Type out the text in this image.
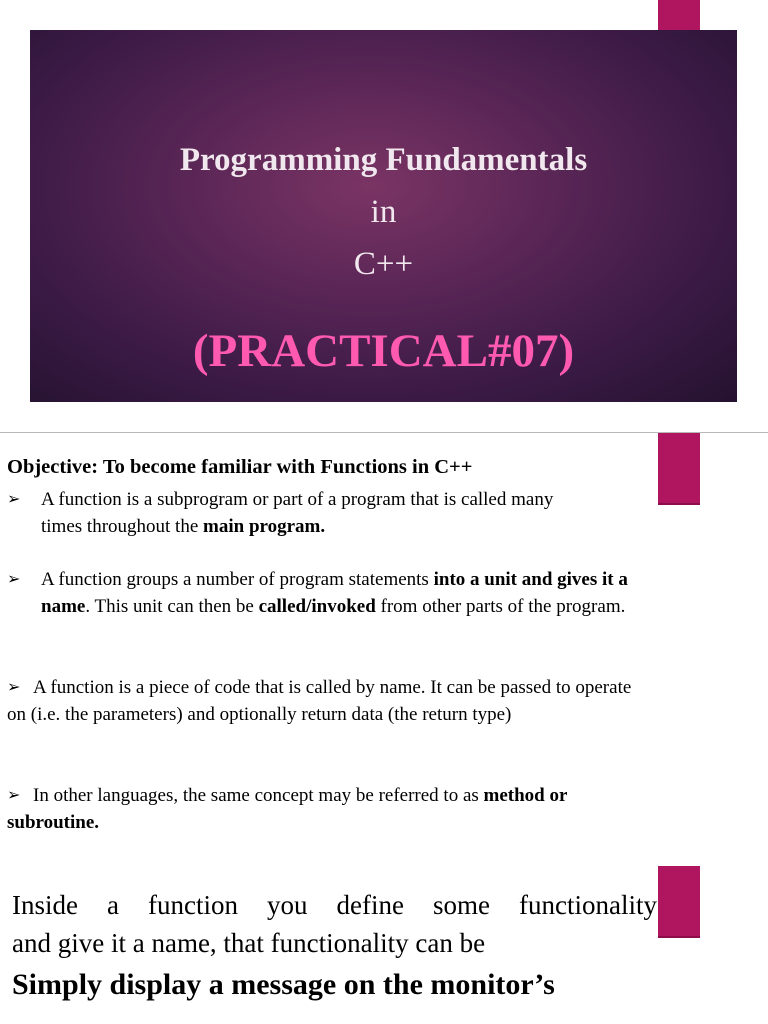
Programming Fundamentals
in
C++
(PRACTICAL#07)
Objective: To become familiar with Functions in C++
➢ A function is a subprogram or part of a program that is called many
times throughout the main program.
➢ A function groups a number of program statements into a unit and gives it a name. This unit can then be called/invoked from other parts of the program.
➢ A function is a piece of code that is called by name. It can be passed to operate on (i.e. the parameters) and optionally return data (the return type)
➢ In other languages, the same concept may be referred to as method or subroutine.
Inside a function you define some functionality
and give it a name, that functionality can be
Simply display a message on the monitor’s
